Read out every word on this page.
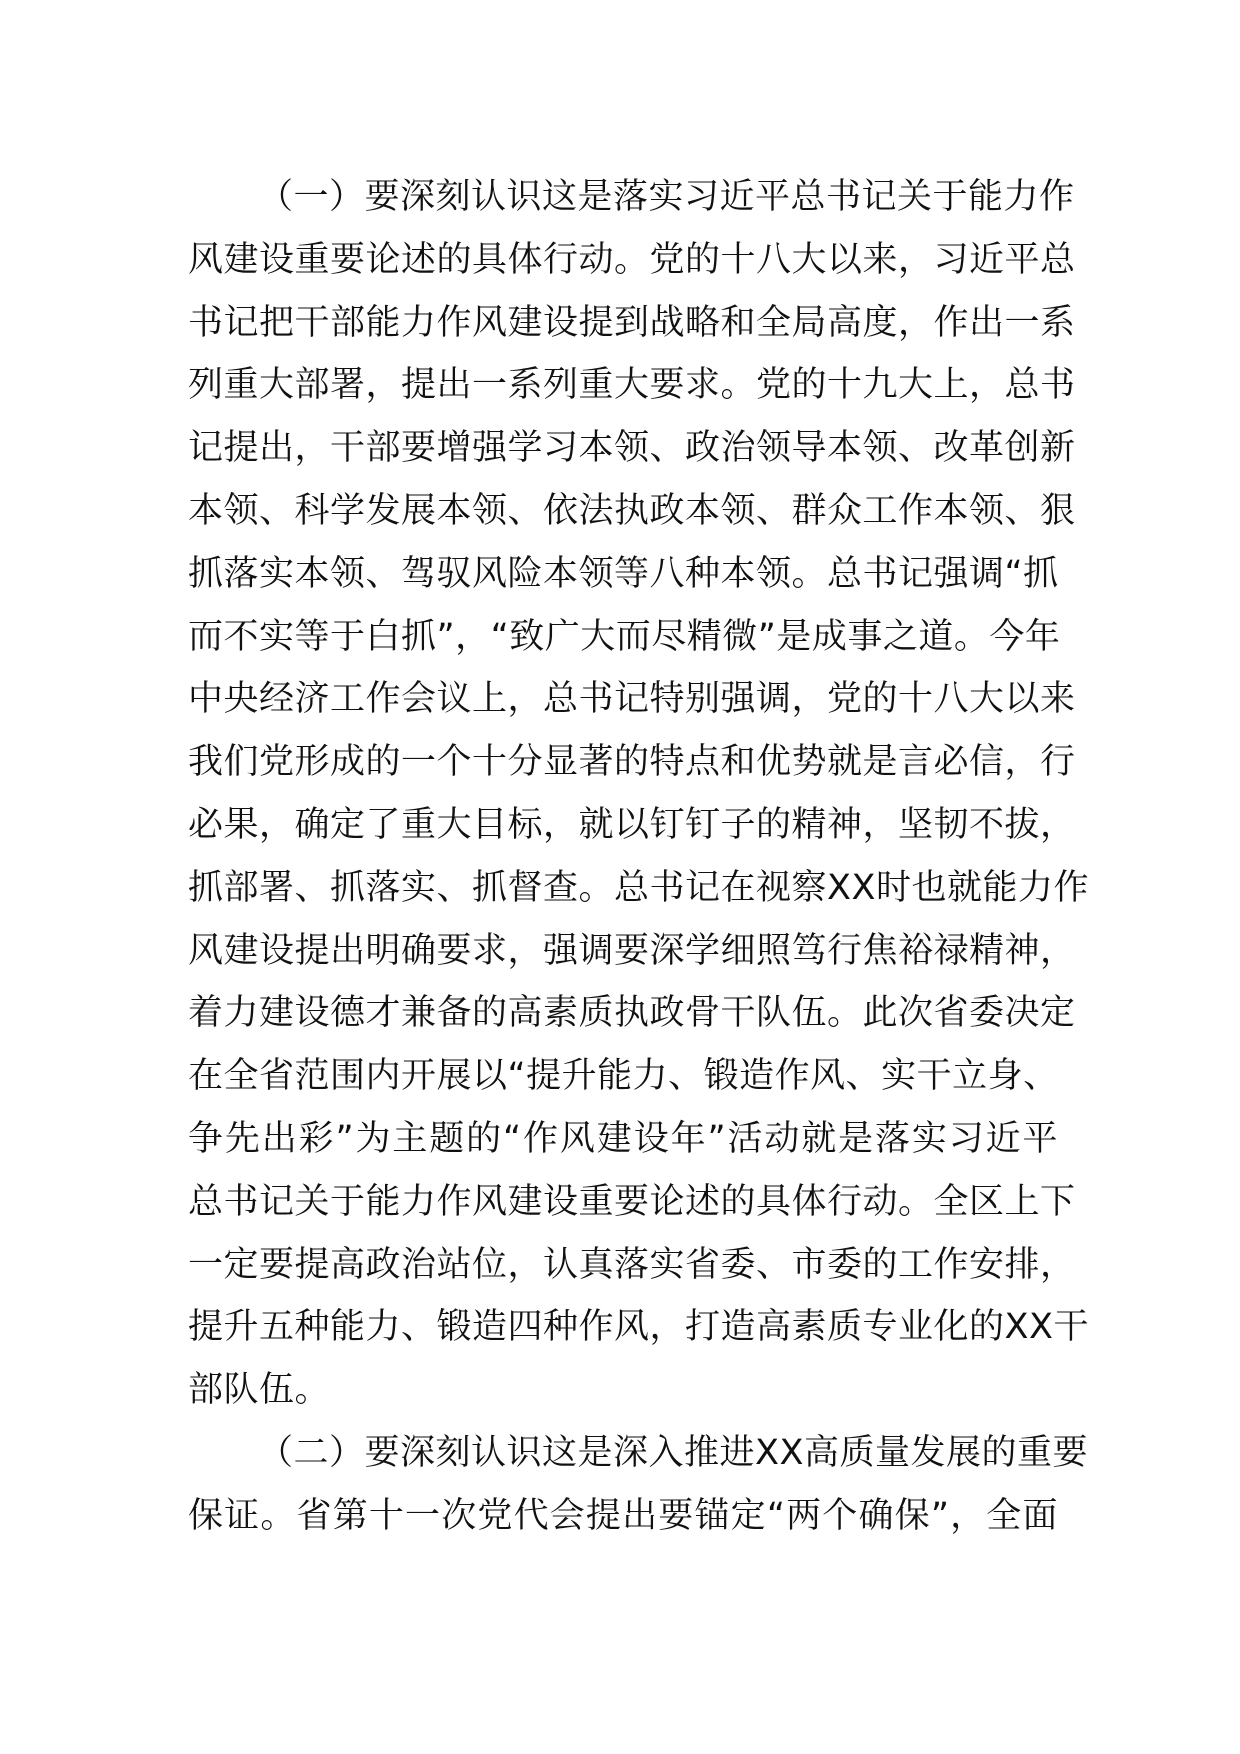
（一）要深刻认识这是落实习近平总书记关于能力作
风建设重要论述的具体行动。党的十八大以来，习近平总
书记把干部能力作风建设提到战略和全局高度，作出一系
列重大部署，提出一系列重大要求。党的十九大上，总书
记提出，干部要增强学习本领、政治领导本领、改革创新
本领、科学发展本领、依法执政本领、群众工作本领、狠
抓落实本领、驾驭风险本领等八种本领。总书记强调“抓
而不实等于白抓”，“致广大而尽精微”是成事之道。今年
中央经济工作会议上，总书记特别强调，党的十八大以来
我们党形成的一个十分显著的特点和优势就是言必信，行
必果，确定了重大目标，就以钉钉子的精神，坚韧不拔，
抓部署、抓落实、抓督查。总书记在视察XX时也就能力作
风建设提出明确要求，强调要深学细照笃行焦裕禄精神，
着力建设德才兼备的高素质执政骨干队伍。此次省委决定
在全省范围内开展以“提升能力、锻造作风、实干立身、
争先出彩”为主题的“作风建设年”活动就是落实习近平
总书记关于能力作风建设重要论述的具体行动。全区上下
一定要提高政治站位，认真落实省委、市委的工作安排，
提升五种能力、锻造四种作风，打造高素质专业化的XX干
部队伍。
（二）要深刻认识这是深入推进XX高质量发展的重要
保证。省第十一次党代会提出要锚定“两个确保”，全面
